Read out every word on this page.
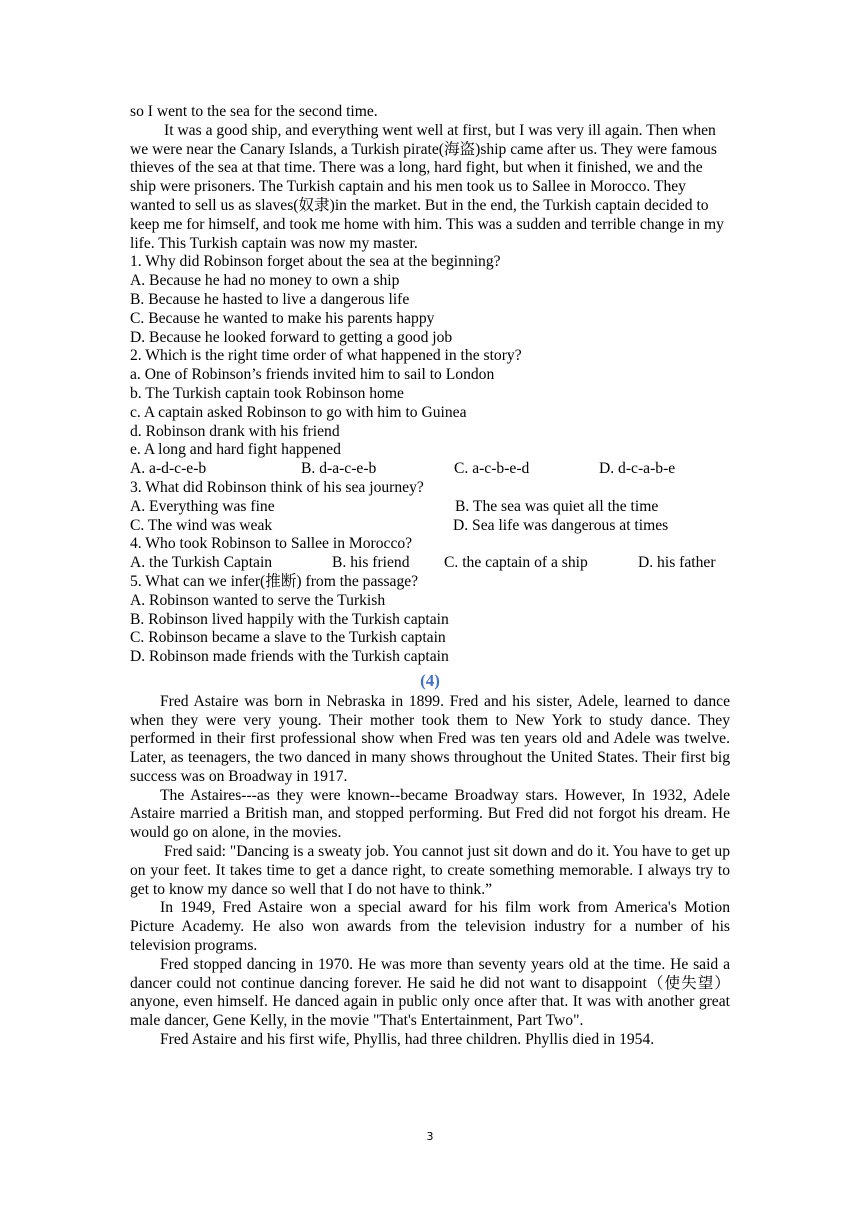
so I went to the sea for the second time.

It was a good ship, and everything went well at first, but I was very ill again. Then when we were near the Canary Islands, a Turkish pirate(海盗)ship came after us. They were famous thieves of the sea at that time. There was a long, hard fight, but when it finished, we and the ship were prisoners. The Turkish captain and his men took us to Sallee in Morocco. They wanted to sell us as slaves(奴隶)in the market. But in the end, the Turkish captain decided to keep me for himself, and took me home with him. This was a sudden and terrible change in my life. This Turkish captain was now my master.

1. Why did Robinson forget about the sea at the beginning?
A. Because he had no money to own a ship
B. Because he hasted to live a dangerous life
C. Because he wanted to make his parents happy
D. Because he looked forward to getting a good job
2. Which is the right time order of what happened in the story?
a. One of Robinson’s friends invited him to sail to London
b. The Turkish captain took Robinson home
c. A captain asked Robinson to go with him to Guinea
d. Robinson drank with his friend
e. A long and hard fight happened
A. a-d-c-e-b	B. d-a-c-e-b	C. a-c-b-e-d	D. d-c-a-b-e
3. What did Robinson think of his sea journey?
A. Everything was fine	B. The sea was quiet all the time
C. The wind was weak	D. Sea life was dangerous at times
4. Who took Robinson to Sallee in Morocco?
A. the Turkish Captain	B. his friend	C. the captain of a ship	D. his father
5. What can we infer(推断) from the passage?
A. Robinson wanted to serve the Turkish
B. Robinson lived happily with the Turkish captain
C. Robinson became a slave to the Turkish captain
D. Robinson made friends with the Turkish captain
(4)

Fred Astaire was born in Nebraska in 1899. Fred and his sister, Adele, learned to dance when they were very young. Their mother took them to New York to study dance. They performed in their first professional show when Fred was ten years old and Adele was twelve. Later, as teenagers, the two danced in many shows throughout the United States. Their first big success was on Broadway in 1917.

The Astaires---as they were known--became Broadway stars. However, In 1932, Adele Astaire married a British man, and stopped performing. But Fred did not forgot his dream. He would go on alone, in the movies.

Fred said: "Dancing is a sweaty job. You cannot just sit down and do it. You have to get up on your feet. It takes time to get a dance right, to create something memorable. I always try to get to know my dance so well that I do not have to think.”

In 1949, Fred Astaire won a special award for his film work from America's Motion Picture Academy. He also won awards from the television industry for a number of his television programs.

Fred stopped dancing in 1970. He was more than seventy years old at the time. He said a dancer could not continue dancing forever. He said he did not want to disappoint（使失望）anyone, even himself. He danced again in public only once after that. It was with another great male dancer, Gene Kelly, in the movie "That's Entertainment, Part Two".

Fred Astaire and his first wife, Phyllis, had three children. Phyllis died in 1954.

3
